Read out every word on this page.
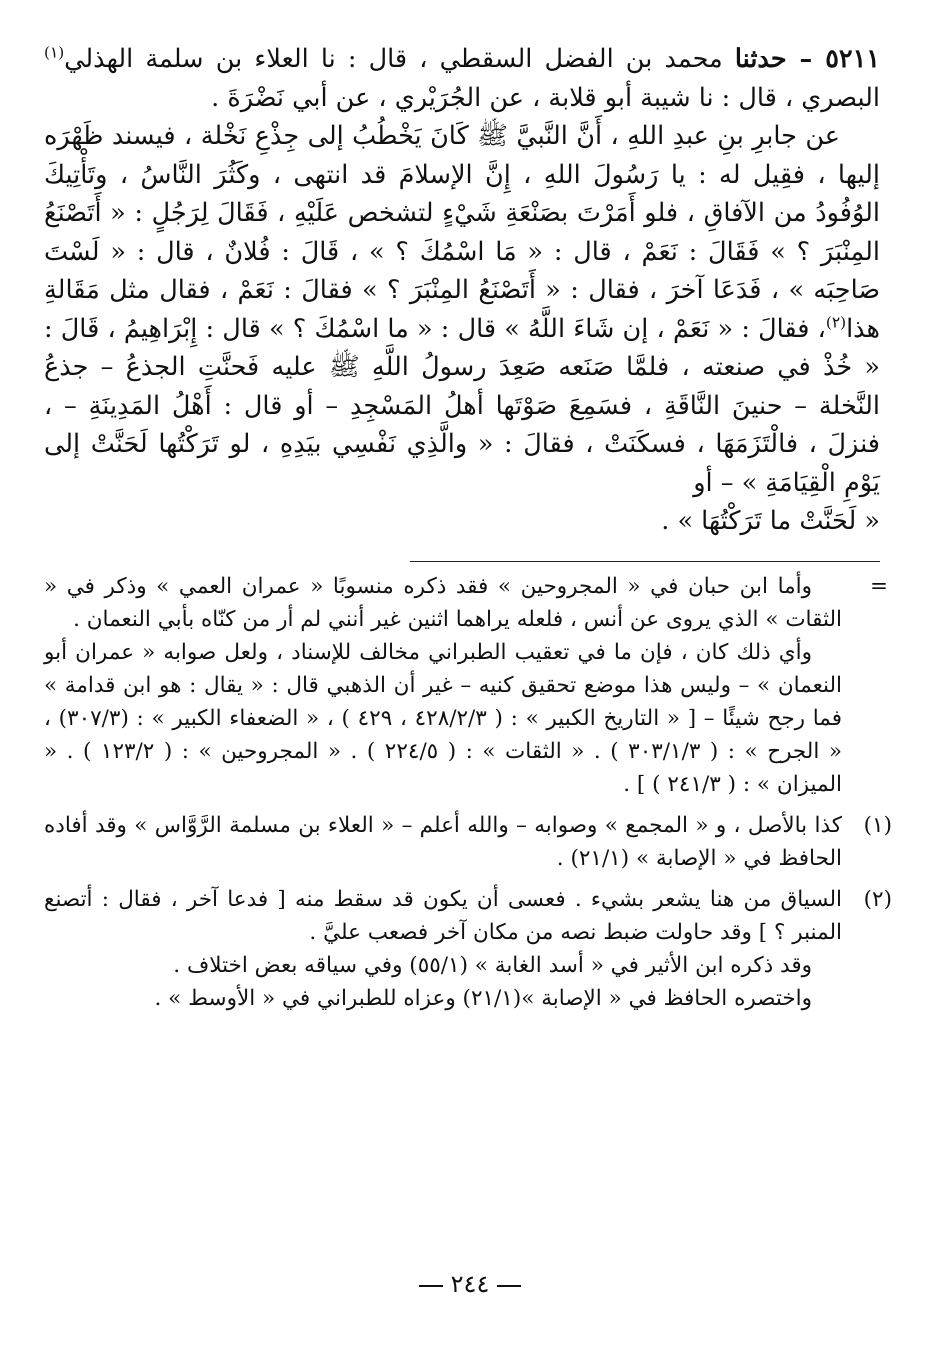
٥٢١١ – حدثنا محمد بن الفضل السقطي ، قال : نا العلاء بن سلمة الهذلي$^{(١)}$ البصري ، قال : نا شيبة أبو قلابة ، عن الجُرَيْري ، عن أبي نَضْرَةَ .

عن جابرِ بنِ عبدِ اللهِ ، أَنَّ النَّبيَّ ﷺ كَانَ يَخْطُبُ إلى جِذْعِ نَخْلة ، فيسند ظَهْرَه إليها ، فقِيل له : يا رَسُولَ اللهِ ، إِنَّ الإسلامَ قد انتهى ، وكَثُرَ النَّاسُ ، وتَأْتِيكَ الوُفُودُ من الآفاقِ ، فلو أَمَرْتَ بصَنْعَةِ شَيْءٍ لتشخص عَلَيْهِ ، فَقَالَ لِرَجُلٍ : « أَتَصْنَعُ المِنْبَرَ ؟ » فَقَالَ : نَعَمْ ، قال : « مَا اسْمُكَ ؟ » ، قَالَ : فُلانٌ ، قال : « لَسْتَ صَاحِبَه » ، فَدَعَا آخرَ ، فقال : « أَتَصْنَعُ المِنْبَرَ ؟ » فقالَ : نَعَمْ ، فقال مثل مَقَالةِ هذا$^{(٢)}$، فقالَ : « نَعَمْ ، إن شَاءَ اللَّهُ » قال : « ما اسْمُكَ ؟ » قال : إِبْرَاهِيمُ ، قَالَ : « خُذْ في صنعته ، فلمَّا صَنَعه صَعِدَ رسولُ اللَّهِ ﷺ عليه فَحنَّتِ الجذعُ – جذعُ النَّخلة – حنينَ النَّاقَةِ ، فسَمِعَ صَوْتَها أهلُ المَسْجِدِ – أو قال : أَهْلُ المَدِينَةِ – ، فنزلَ ، فالْتَزَمَهَا ، فسكَنَتْ ، فقالَ : « والَّذِي نَفْسِي بيَدِهِ ، لو تَرَكْتُها لَحَنَّتْ إلى يَوْمِ الْقِيَامَةِ » – أو

« لَحَنَّتْ ما تَرَكْتُهَا » .

=

وأما ابن حبان في « المجروحين » فقد ذكره منسوبًا « عمران العمي » وذكر في « الثقات » الذي يروى عن أنس ، فلعله يراهما اثنين غير أنني لم أر من كنّاه بأبي النعمان .

وأي ذلك كان ، فإن ما في تعقيب الطبراني مخالف للإسناد ، ولعل صوابه « عمران أبو النعمان » – وليس هذا موضع تحقيق كنيه – غير أن الذهبي قال : « يقال : هو ابن قدامة » فما رجح شيئًا – [ « التاريخ الكبير » : ( ٤٢٨/٢/٣ ، ٤٢٩ ) ، « الضعفاء الكبير » : (٣٠٧/٣) ، « الجرح » : ( ٣٠٣/١/٣ ) . « الثقات » : ( ٢٢٤/٥ ) . « المجروحين » : ( ١٢٣/٢ ) . « الميزان » : ( ٢٤١/٣ ) ] .

(١)
كذا بالأصل ، و « المجمع » وصوابه – والله أعلم – « العلاء بن مسلمة الرَّوَّاس » وقد أفاده الحافظ في « الإصابة » (٢١/١) .
(٢)
السياق من هنا يشعر بشيء . فعسى أن يكون قد سقط منه [ فدعا آخر ، فقال : أتصنع المنبر ؟ ] وقد حاولت ضبط نصه من مكان آخر فصعب عليَّ .

وقد ذكره ابن الأثير في « أسد الغابة » (٥٥/١) وفي سياقه بعض اختلاف .

واختصره الحافظ في « الإصابة »(٢١/١) وعزاه للطبراني في « الأوسط » .

٢٤٤
